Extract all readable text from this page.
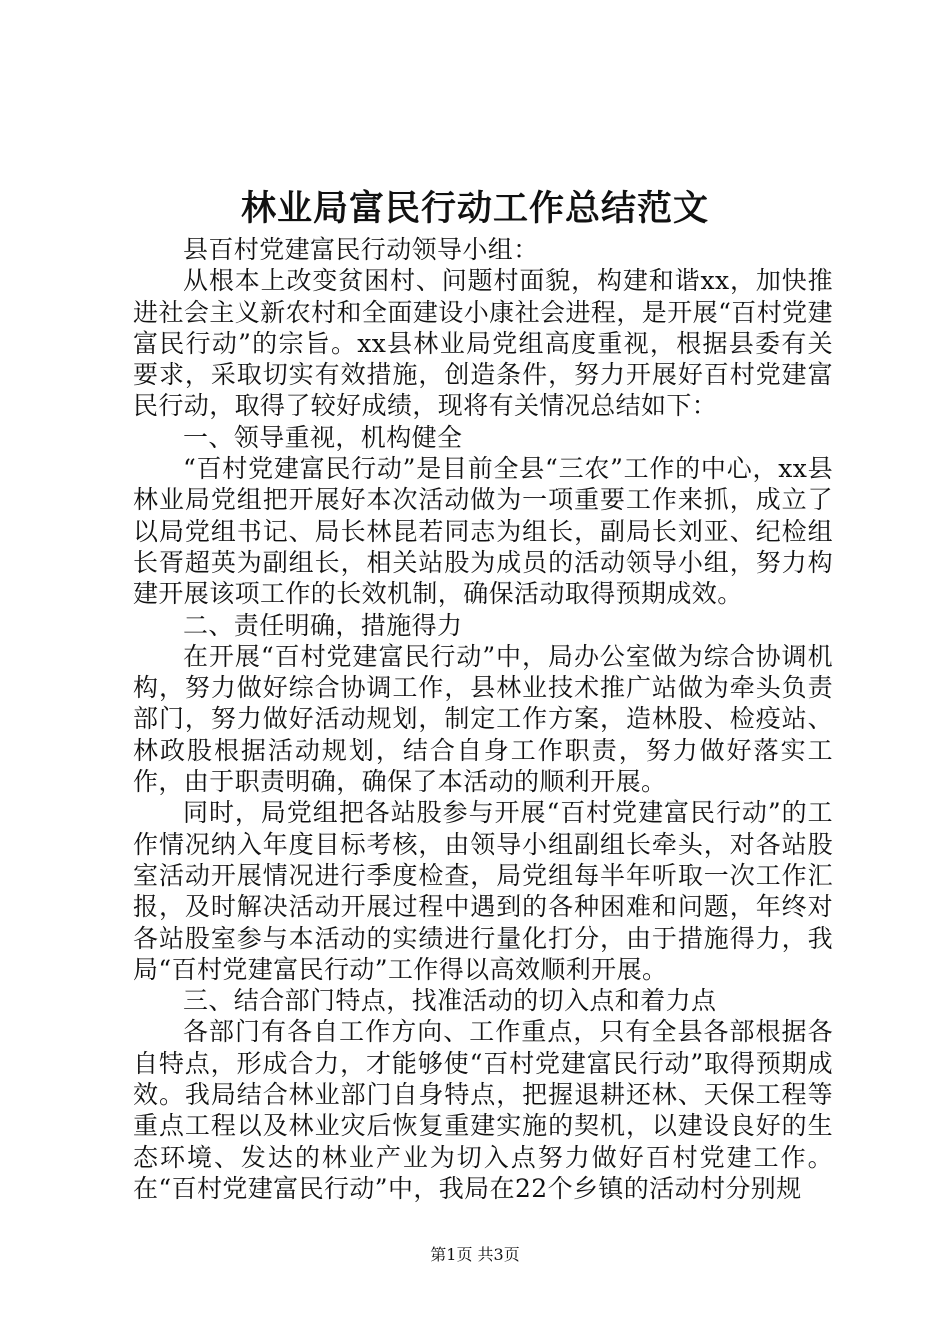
林业局富民行动工作总结范文

县百村党建富民行动领导小组：

从根本上改变贫困村、问题村面貌，构建和谐xx，加快推进社会主义新农村和全面建设小康社会进程，是开展“百村党建富民行动”的宗旨。xx县林业局党组高度重视，根据县委有关要求，采取切实有效措施，创造条件，努力开展好百村党建富民行动，取得了较好成绩，现将有关情况总结如下：

一、领导重视，机构健全

“百村党建富民行动”是目前全县“三农”工作的中心，xx县林业局党组把开展好本次活动做为一项重要工作来抓，成立了以局党组书记、局长林昆若同志为组长，副局长刘亚、纪检组长胥超英为副组长，相关站股为成员的活动领导小组，努力构建开展该项工作的长效机制，确保活动取得预期成效。

二、责任明确，措施得力

在开展“百村党建富民行动”中，局办公室做为综合协调机构，努力做好综合协调工作，县林业技术推广站做为牵头负责部门，努力做好活动规划，制定工作方案，造林股、检疫站、林政股根据活动规划，结合自身工作职责，努力做好落实工作，由于职责明确，确保了本活动的顺利开展。

同时，局党组把各站股参与开展“百村党建富民行动”的工作情况纳入年度目标考核，由领导小组副组长牵头，对各站股室活动开展情况进行季度检查，局党组每半年听取一次工作汇报，及时解决活动开展过程中遇到的各种困难和问题，年终对各站股室参与本活动的实绩进行量化打分，由于措施得力，我局“百村党建富民行动”工作得以高效顺利开展。

三、结合部门特点，找准活动的切入点和着力点

各部门有各自工作方向、工作重点，只有全县各部根据各自特点，形成合力，才能够使“百村党建富民行动”取得预期成效。我局结合林业部门自身特点，把握退耕还林、天保工程等重点工程以及林业灾后恢复重建实施的契机，以建设良好的生态环境、发达的林业产业为切入点努力做好百村党建工作。在“百村党建富民行动”中，我局在22个乡镇的活动村分别规

第1页 共3页
